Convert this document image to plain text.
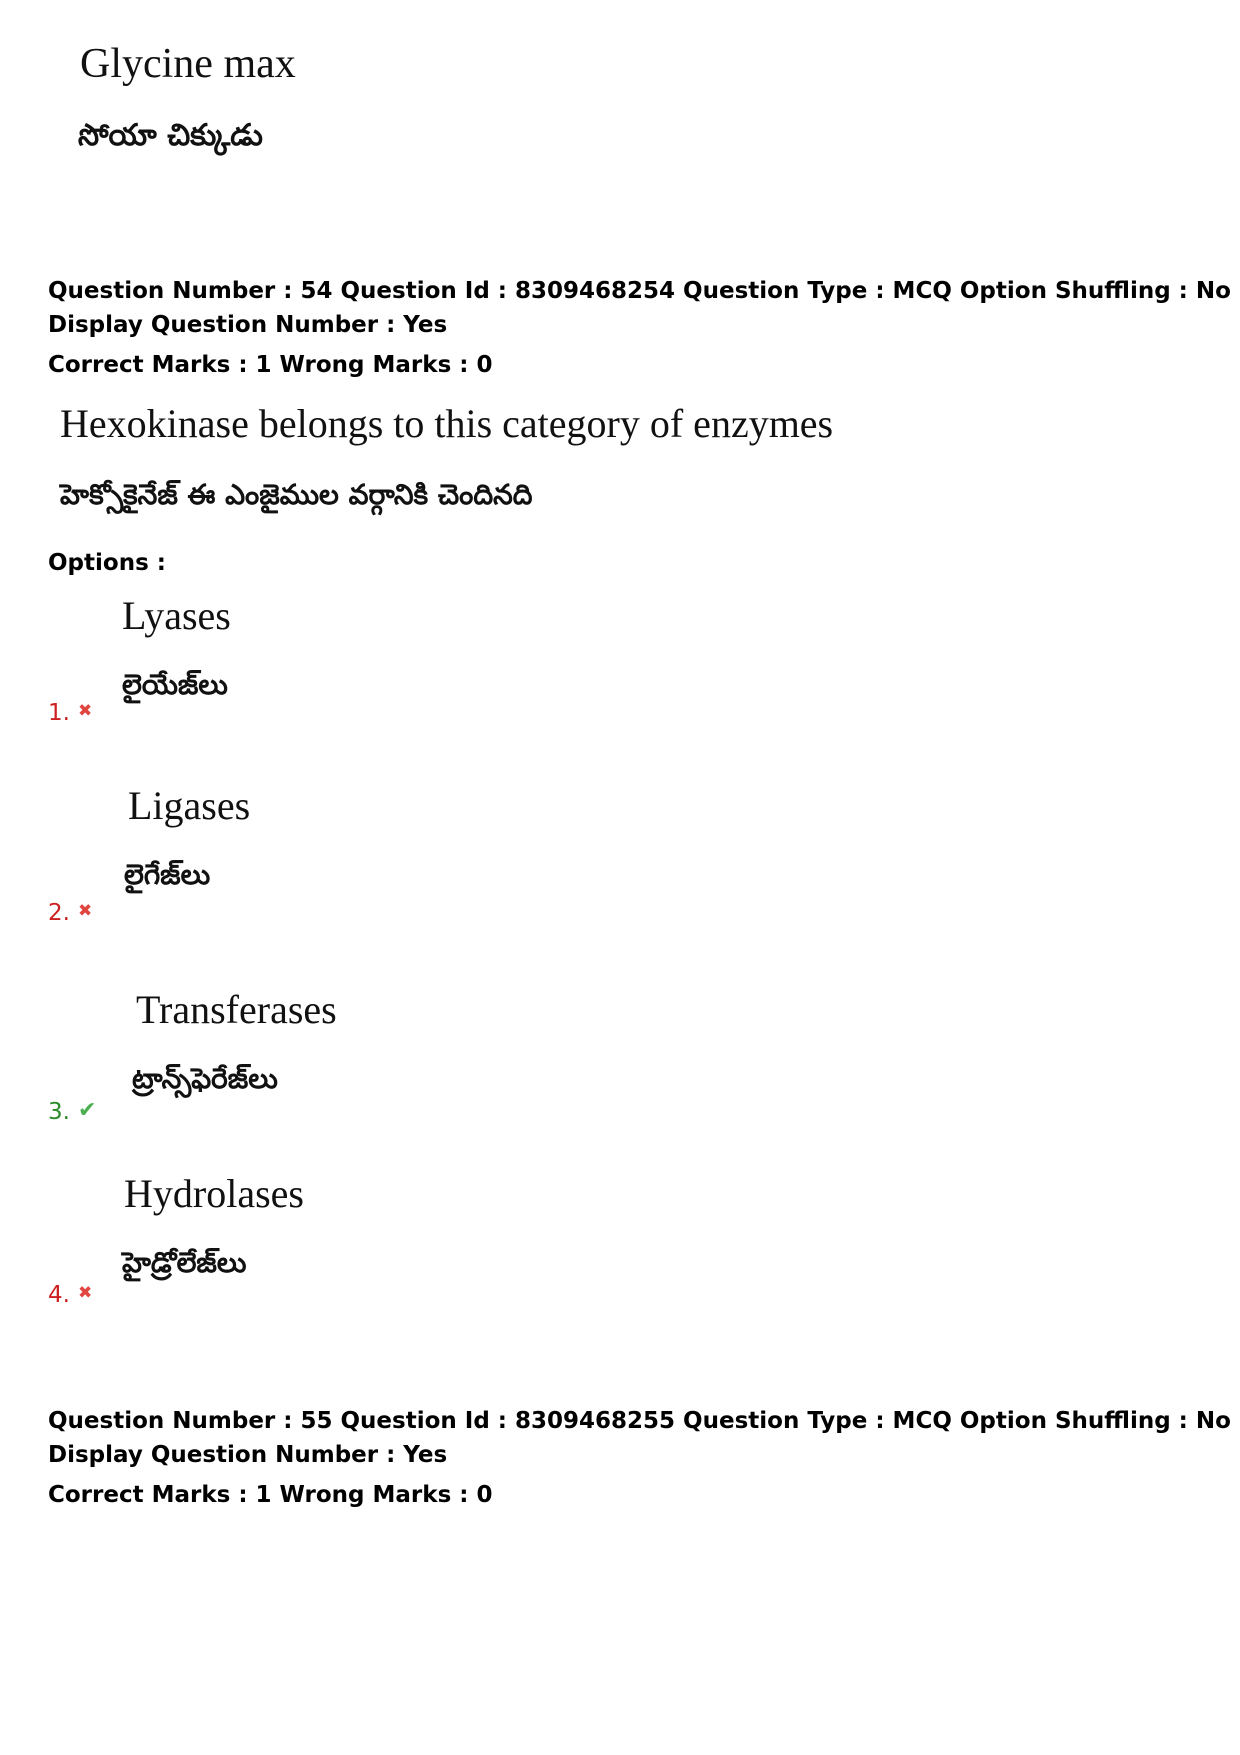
Glycine max
సోయా చిక్కుడు
Question Number : 54 Question Id : 8309468254 Question Type : MCQ Option Shuffling : No
Display Question Number : Yes
Correct Marks : 1 Wrong Marks : 0
Hexokinase belongs to this category of enzymes
హెక్సోకైనేజ్ ఈ ఎంజైముల వర్గానికి చెందినది
Options :
Lyases
లైయేజ్‌లు
1. ✖
Ligases
లైగేజ్‌లు
2. ✖
Transferases
ట్రాన్స్‌ఫెరేజ్‌లు
3. ✔
Hydrolases
హైడ్రోలేజ్‌లు
4. ✖
Question Number : 55 Question Id : 8309468255 Question Type : MCQ Option Shuffling : No
Display Question Number : Yes
Correct Marks : 1 Wrong Marks : 0
